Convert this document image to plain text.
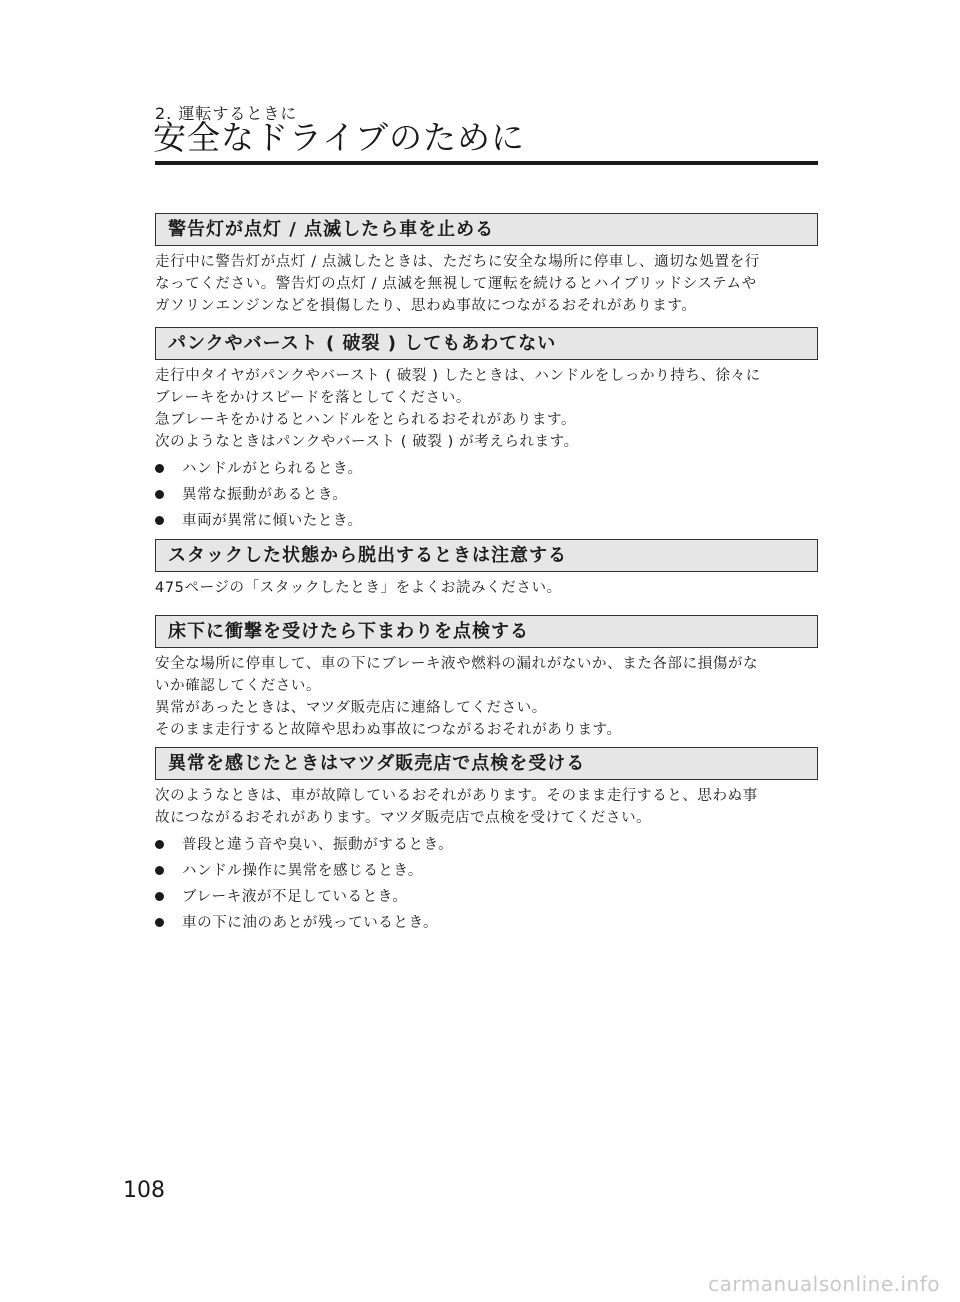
2. 運転するときに
安全なドライブのために
警告灯が点灯 / 点滅したら車を止める

走行中に警告灯が点灯 / 点滅したときは、ただちに安全な場所に停車し、適切な処置を行

なってください。警告灯の点灯 / 点滅を無視して運転を続けるとハイブリッドシステムや

ガソリンエンジンなどを損傷したり、思わぬ事故につながるおそれがあります。

パンクやバースト ( 破裂 ) してもあわてない

走行中タイヤがパンクやバースト ( 破裂 ) したときは、ハンドルをしっかり持ち、徐々に

ブレーキをかけスピードを落としてください。

急ブレーキをかけるとハンドルをとられるおそれがあります。

次のようなときはパンクやバースト ( 破裂 ) が考えられます。

ハンドルがとられるとき。
異常な振動があるとき。
車両が異常に傾いたとき。
スタックした状態から脱出するときは注意する

475ページの「スタックしたとき」をよくお読みください。

床下に衝撃を受けたら下まわりを点検する

安全な場所に停車して、車の下にブレーキ液や燃料の漏れがないか、また各部に損傷がな

いか確認してください。

異常があったときは、マツダ販売店に連絡してください。

そのまま走行すると故障や思わぬ事故につながるおそれがあります。

異常を感じたときはマツダ販売店で点検を受ける

次のようなときは、車が故障しているおそれがあります。そのまま走行すると、思わぬ事

故につながるおそれがあります。マツダ販売店で点検を受けてください。

普段と違う音や臭い、振動がするとき。
ハンドル操作に異常を感じるとき。
ブレーキ液が不足しているとき。
車の下に油のあとが残っているとき。
108
carmanualsonline.info
